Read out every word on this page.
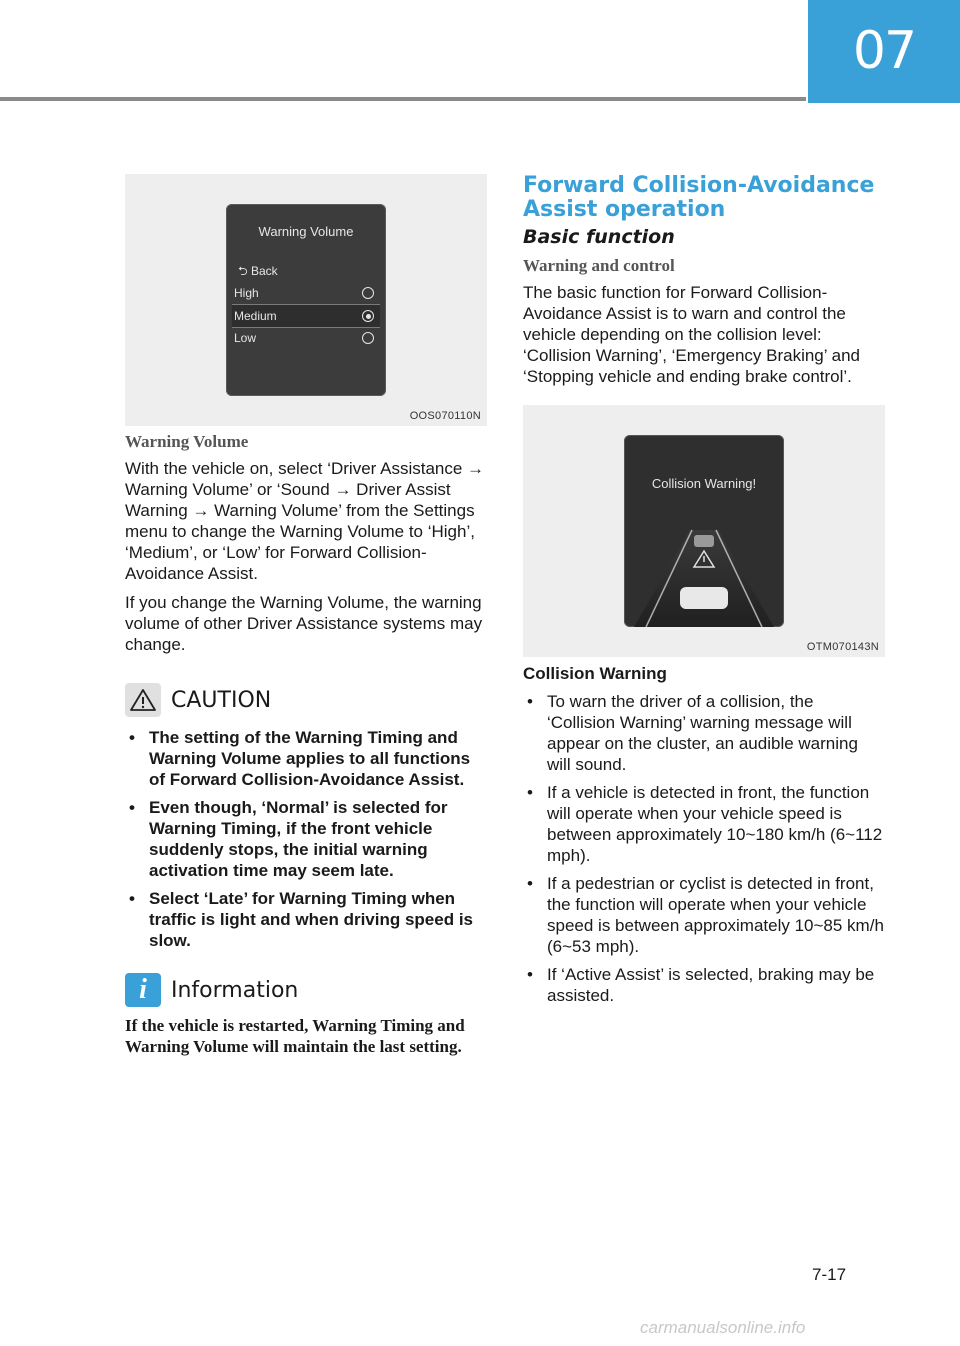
07
Warning Volume
⮌ Back
High
Medium
Low
OOS070110N

Warning Volume

With the vehicle on, select ‘Driver Assistance → Warning Volume’ or ‘Sound → Driver Assist Warning → Warning Volume’ from the Settings menu to change the Warning Volume to ‘High’, ‘Medium’, or ‘Low’ for Forward Collision-Avoidance Assist.

If you change the Warning Volume, the warning volume of other Driver Assistance systems may change.

CAUTION
• The setting of the Warning Timing and Warning Volume applies to all functions of Forward Collision-Avoidance Assist.
• Even though, ‘Normal’ is selected for Warning Timing, if the front vehicle suddenly stops, the initial warning activation time may seem late.
• Select ‘Late’ for Warning Timing when traffic is light and when driving speed is slow.
i	Information

If the vehicle is restarted, Warning Timing and Warning Volume will maintain the last setting.

Forward Collision-Avoidance Assist operation

Basic function

Warning and control

The basic function for Forward Collision-Avoidance Assist is to warn and control the vehicle depending on the collision level: ‘Collision Warning’, ‘Emergency Braking’ and ‘Stopping vehicle and ending brake control’.

Collision Warning!
OTM070143N

Collision Warning

• To warn the driver of a collision, the ‘Collision Warning’ warning message will appear on the cluster, an audible warning will sound.
• If a vehicle is detected in front, the function will operate when your vehicle speed is between approximately 10~180 km/h (6~112 mph).
• If a pedestrian or cyclist is detected in front, the function will operate when your vehicle speed is between approximately 10~85 km/h (6~53 mph).
• If ‘Active Assist’ is selected, braking may be assisted.
7-17
carmanualsonline.info
